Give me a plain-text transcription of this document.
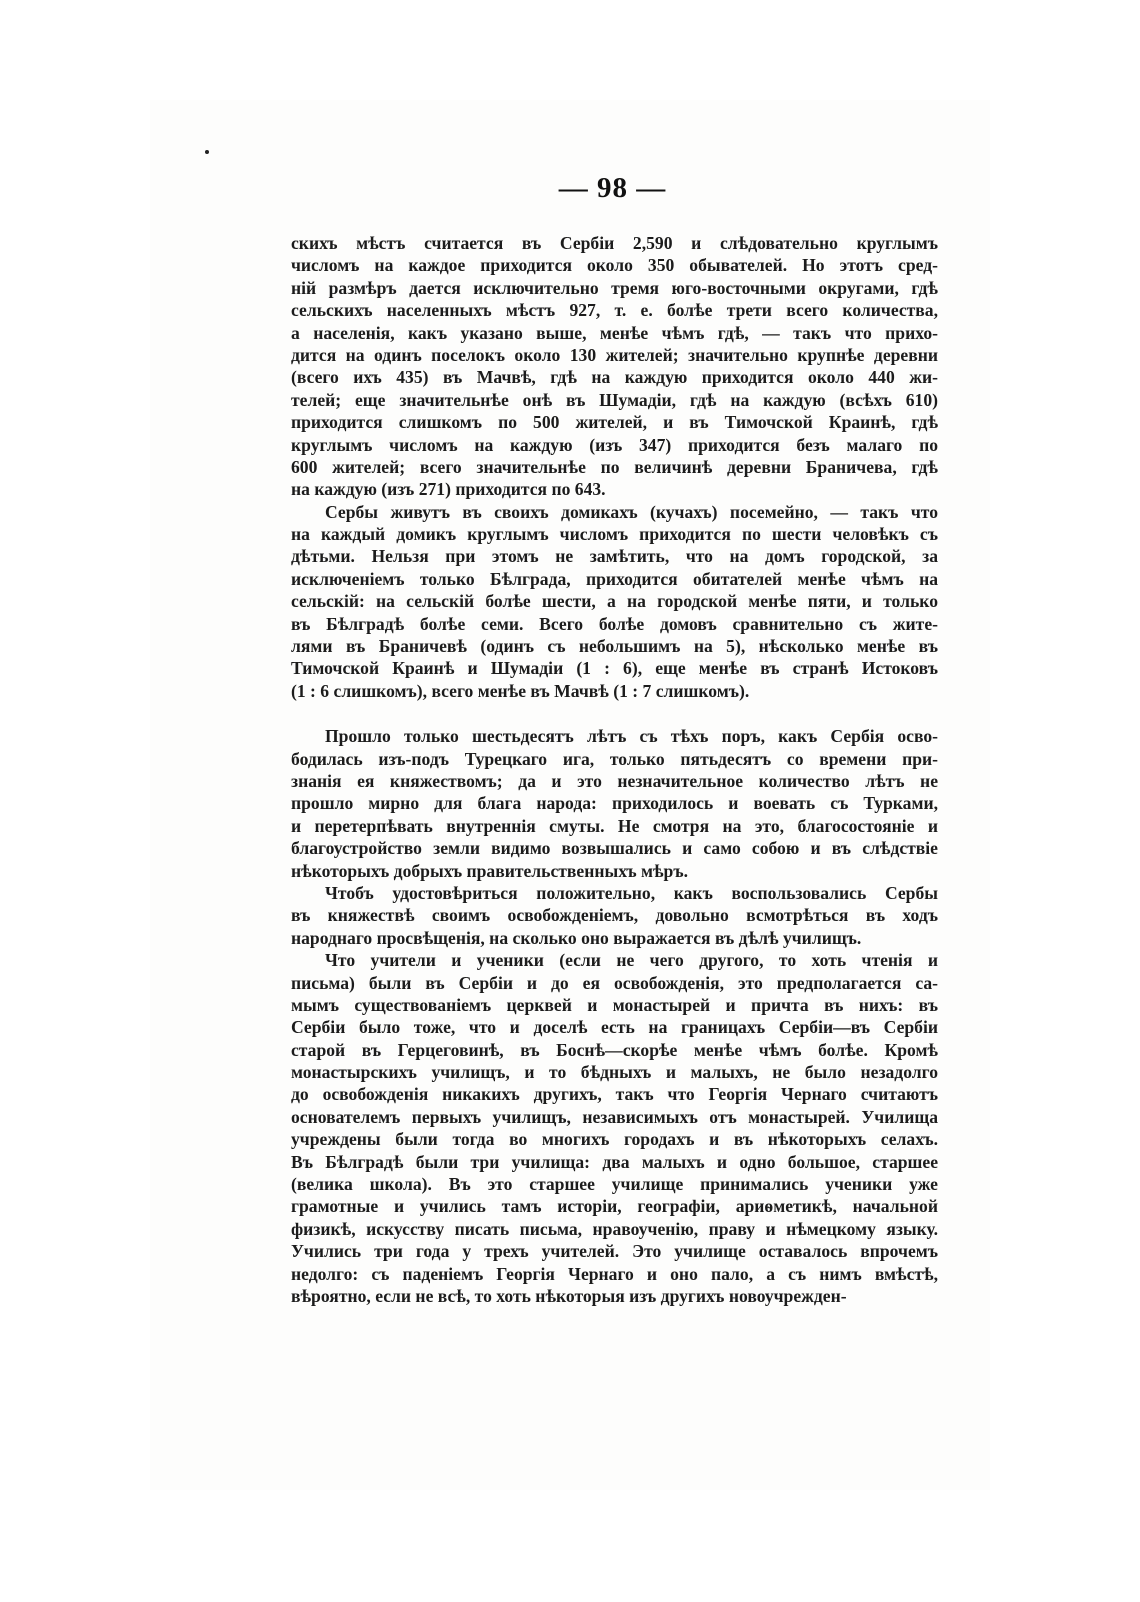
— 98 —
скихъ мѣстъ считается въ Сербіи 2,590 и слѣдовательно круглымъ
числомъ на каждое приходится около 350 обывателей. Но этотъ сред-
ній размѣръ дается исключительно тремя юго-восточными округами, гдѣ
сельскихъ населенныхъ мѣстъ 927, т. е. болѣе трети всего количества,
а населенія, какъ указано выше, менѣе чѣмъ гдѣ, — такъ что прихо-
дится на одинъ поселокъ около 130 жителей; значительно крупнѣе деревни
(всего ихъ 435) въ Мачвѣ, гдѣ на каждую приходится около 440 жи-
телей; еще значительнѣе онѣ въ Шумадіи, гдѣ на каждую (всѣхъ 610)
приходится слишкомъ по 500 жителей, и въ Тимочской Краинѣ, гдѣ
круглымъ числомъ на каждую (изъ 347) приходится безъ малаго по
600 жителей; всего значительнѣе по величинѣ деревни Браничева, гдѣ
на каждую (изъ 271) приходится по 643.
Сербы живутъ въ своихъ домикахъ (кучахъ) посемейно, — такъ что
на каждый домикъ круглымъ числомъ приходится по шести человѣкъ съ
дѣтьми. Нельзя при этомъ не замѣтить, что на домъ городской, за
исключеніемъ только Бѣлграда, приходится обитателей менѣе чѣмъ на
сельскій: на сельскій болѣе шести, а на городской менѣе пяти, и только
въ Бѣлградѣ болѣе семи. Всего болѣе домовъ сравнительно съ жите-
лями въ Браничевѣ (одинъ съ небольшимъ на 5), нѣсколько менѣе въ
Тимочской Краинѣ и Шумадіи (1 : 6), еще менѣе въ странѣ Истоковъ
(1 : 6 слишкомъ), всего менѣе въ Мачвѣ (1 : 7 слишкомъ).
Прошло только шестьдесятъ лѣтъ съ тѣхъ поръ, какъ Сербія осво-
бодилась изъ-подъ Турецкаго ига, только пятьдесятъ со времени при-
знанія ея княжествомъ; да и это незначительное количество лѣтъ не
прошло мирно для блага народа: приходилось и воевать съ Турками,
и перетерпѣвать внутреннія смуты. Не смотря на это, благосостояніе и
благоустройство земли видимо возвышались и само собою и въ слѣдствіе
нѣкоторыхъ добрыхъ правительственныхъ мѣръ.
Чтобъ удостовѣриться положительно, какъ воспользовались Сербы
въ княжествѣ своимъ освобожденіемъ, довольно всмотрѣться въ ходъ
народнаго просвѣщенія, на сколько оно выражается въ дѣлѣ училищъ.
Что учители и ученики (если не чего другого, то хоть чтенія и
письма) были въ Сербіи и до ея освобожденія, это предполагается са-
мымъ существованіемъ церквей и монастырей и причта въ нихъ: въ
Сербіи было тоже, что и доселѣ есть на границахъ Сербіи—въ Сербіи
старой въ Герцеговинѣ, въ Боснѣ—скорѣе менѣе чѣмъ болѣе. Кромѣ
монастырскихъ училищъ, и то бѣдныхъ и малыхъ, не было незадолго
до освобожденія никакихъ другихъ, такъ что Георгія Чернаго считаютъ
основателемъ первыхъ училищъ, независимыхъ отъ монастырей. Училища
учреждены были тогда во многихъ городахъ и въ нѣкоторыхъ селахъ.
Въ Бѣлградѣ были три училища: два малыхъ и одно большое, старшее
(велика школа). Въ это старшее училище принимались ученики уже
грамотные и учились тамъ исторіи, географіи, ариѳметикѣ, начальной
физикѣ, искусству писать письма, нравоученію, праву и нѣмецкому языку.
Учились три года у трехъ учителей. Это училище оставалось впрочемъ
недолго: съ паденіемъ Георгія Чернаго и оно пало, а съ нимъ вмѣстѣ,
вѣроятно, если не всѣ, то хоть нѣкоторыя изъ другихъ новоучрежден-
